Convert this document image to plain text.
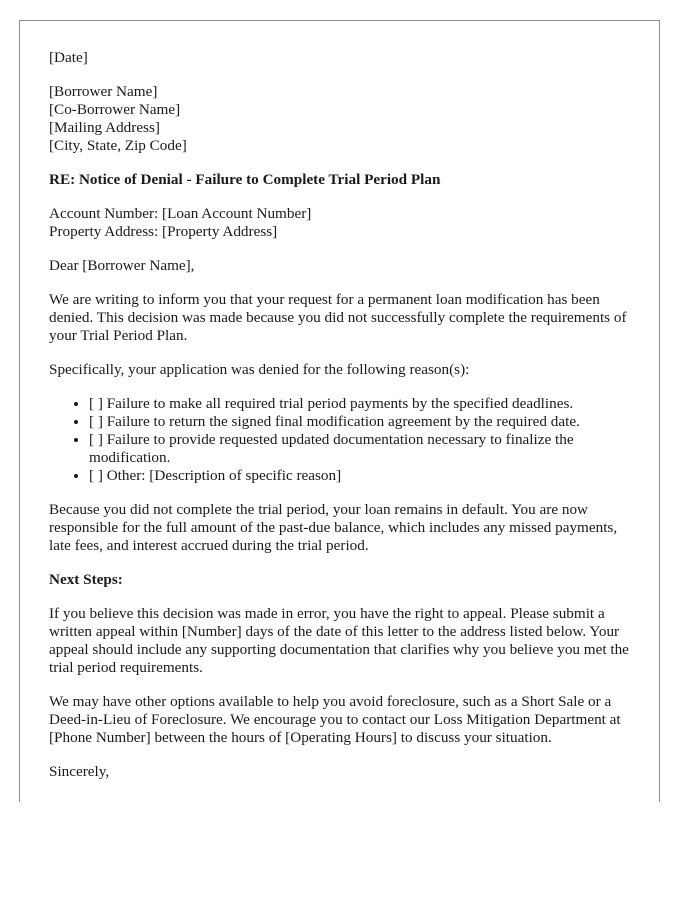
[Date]

[Borrower Name]
[Co-Borrower Name]
[Mailing Address]
[City, State, Zip Code]

RE: Notice of Denial - Failure to Complete Trial Period Plan

Account Number: [Loan Account Number]
Property Address: [Property Address]

Dear [Borrower Name],

We are writing to inform you that your request for a permanent loan modification has been denied. This decision was made because you did not successfully complete the requirements of your Trial Period Plan.

Specifically, your application was denied for the following reason(s):

• [ ] Failure to make all required trial period payments by the specified deadlines.
• [ ] Failure to return the signed final modification agreement by the required date.
• [ ] Failure to provide requested updated documentation necessary to finalize the modification.
• [ ] Other: [Description of specific reason]

Because you did not complete the trial period, your loan remains in default. You are now responsible for the full amount of the past-due balance, which includes any missed payments, late fees, and interest accrued during the trial period.

Next Steps:

If you believe this decision was made in error, you have the right to appeal. Please submit a written appeal within [Number] days of the date of this letter to the address listed below. Your appeal should include any supporting documentation that clarifies why you believe you met the trial period requirements.

We may have other options available to help you avoid foreclosure, such as a Short Sale or a Deed-in-Lieu of Foreclosure. We encourage you to contact our Loss Mitigation Department at [Phone Number] between the hours of [Operating Hours] to discuss your situation.

Sincerely,
